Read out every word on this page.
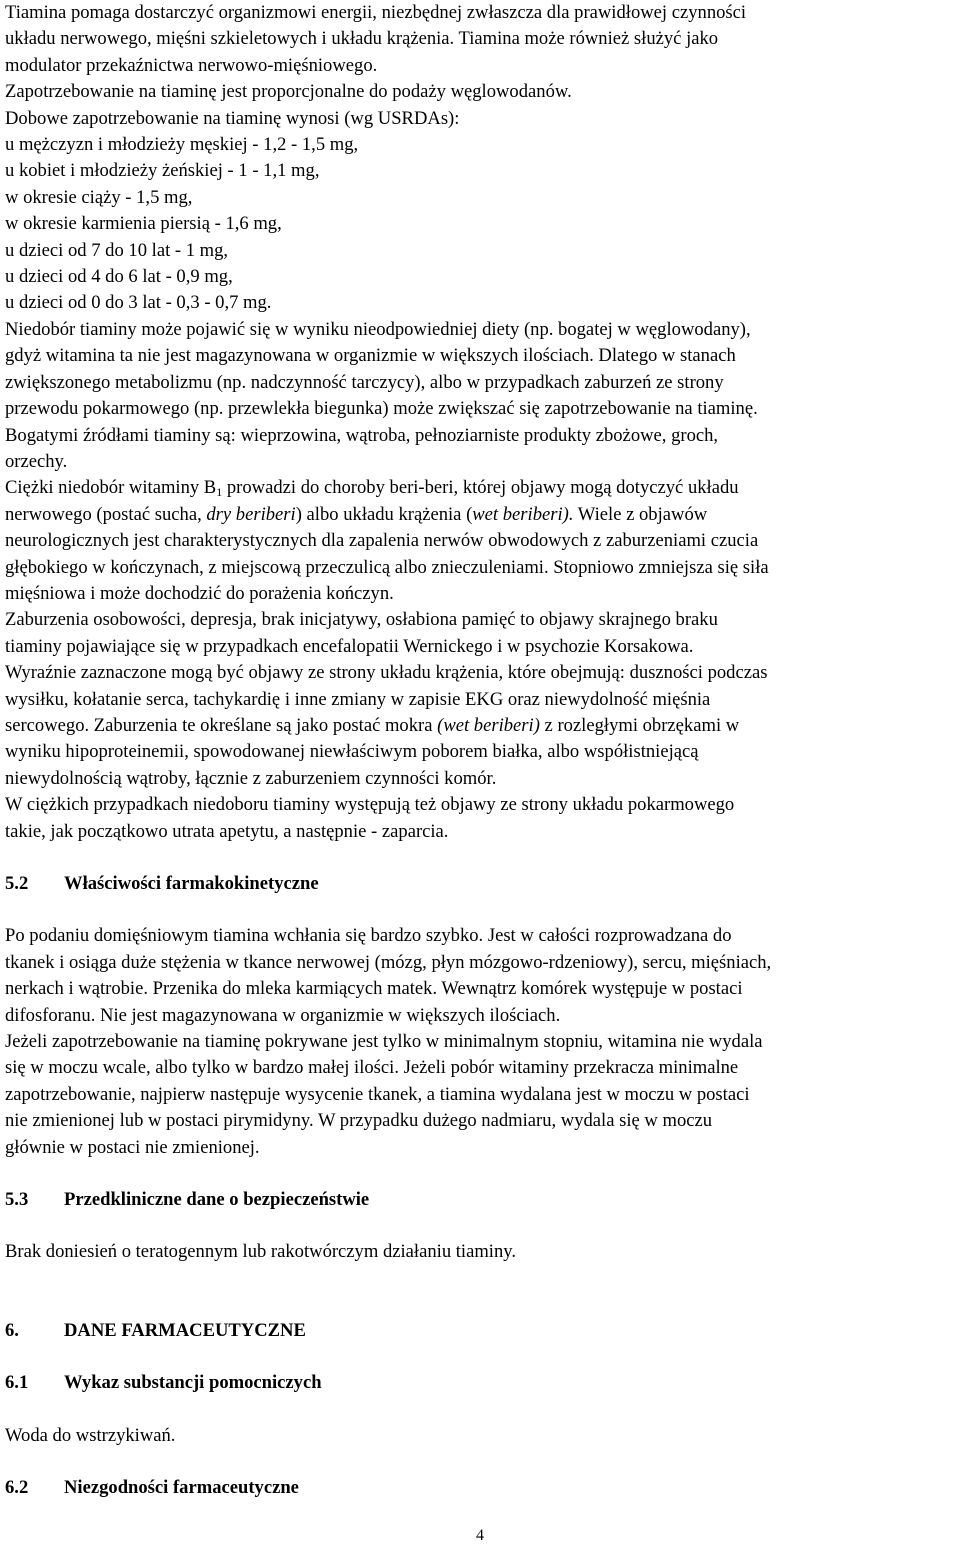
Tiamina pomaga dostarczyć organizmowi energii, niezbędnej zwłaszcza dla prawidłowej czynności

układu nerwowego, mięśni szkieletowych i układu krążenia. Tiamina może również służyć jako

modulator przekaźnictwa nerwowo-mięśniowego.

Zapotrzebowanie na tiaminę jest proporcjonalne do podaży węglowodanów.

Dobowe zapotrzebowanie na tiaminę wynosi (wg USRDAs):

u mężczyzn i młodzieży męskiej - 1,2 - 1,5 mg,

u kobiet i młodzieży żeńskiej - 1 - 1,1 mg,

w okresie ciąży - 1,5 mg,

w okresie karmienia piersią - 1,6 mg,

u dzieci od 7 do 10 lat - 1 mg,

u dzieci od 4 do 6 lat - 0,9 mg,

u dzieci od 0 do 3 lat - 0,3 - 0,7 mg.

Niedobór tiaminy może pojawić się w wyniku nieodpowiedniej diety (np. bogatej w węglowodany),

gdyż witamina ta nie jest magazynowana w organizmie w większych ilościach. Dlatego w stanach

zwiększonego metabolizmu (np. nadczynność tarczycy), albo w przypadkach zaburzeń ze strony

przewodu pokarmowego (np. przewlekła biegunka) może zwiększać się zapotrzebowanie na tiaminę.

Bogatymi źródłami tiaminy są: wieprzowina, wątroba, pełnoziarniste produkty zbożowe, groch,

orzechy.

Ciężki niedobór witaminy $B_1$ prowadzi do choroby beri-beri, której objawy mogą dotyczyć układu

nerwowego (postać sucha, dry beriberi) albo układu krążenia (wet beriberi). Wiele z objawów

neurologicznych jest charakterystycznych dla zapalenia nerwów obwodowych z zaburzeniami czucia

głębokiego w kończynach, z miejscową przeczulicą albo znieczuleniami. Stopniowo zmniejsza się siła

mięśniowa i może dochodzić do porażenia kończyn.

Zaburzenia osobowości, depresja, brak inicjatywy, osłabiona pamięć to objawy skrajnego braku

tiaminy pojawiające się w przypadkach encefalopatii Wernickego i w psychozie Korsakowa.

Wyraźnie zaznaczone mogą być objawy ze strony układu krążenia, które obejmują: duszności podczas

wysiłku, kołatanie serca, tachykardię i inne zmiany w zapisie EKG oraz niewydolność mięśnia

sercowego. Zaburzenia te określane są jako postać mokra (wet beriberi) z rozległymi obrzękami w

wyniku hipoproteinemii, spowodowanej niewłaściwym poborem białka, albo współistniejącą

niewydolnością wątroby, łącznie z zaburzeniem czynności komór.

W ciężkich przypadkach niedoboru tiaminy występują też objawy ze strony układu pokarmowego

takie, jak początkowo utrata apetytu, a następnie - zaparcia.

5.2 Właściwości farmakokinetyczne

Po podaniu domięśniowym tiamina wchłania się bardzo szybko. Jest w całości rozprowadzana do

tkanek i osiąga duże stężenia w tkance nerwowej (mózg, płyn mózgowo-rdzeniowy), sercu, mięśniach,

nerkach i wątrobie. Przenika do mleka karmiących matek. Wewnątrz komórek występuje w postaci

difosforanu. Nie jest magazynowana w organizmie w większych ilościach.

Jeżeli zapotrzebowanie na tiaminę pokrywane jest tylko w minimalnym stopniu, witamina nie wydala

się w moczu wcale, albo tylko w bardzo małej ilości. Jeżeli pobór witaminy przekracza minimalne

zapotrzebowanie, najpierw następuje wysycenie tkanek, a tiamina wydalana jest w moczu w postaci

nie zmienionej lub w postaci pirymidyny. W przypadku dużego nadmiaru, wydala się w moczu

głównie w postaci nie zmienionej.

5.3 Przedkliniczne dane o bezpieczeństwie

Brak doniesień o teratogennym lub rakotwórczym działaniu tiaminy.

6. DANE FARMACEUTYCZNE

6.1 Wykaz substancji pomocniczych

Woda do wstrzykiwań.

6.2 Niezgodności farmaceutyczne

4
